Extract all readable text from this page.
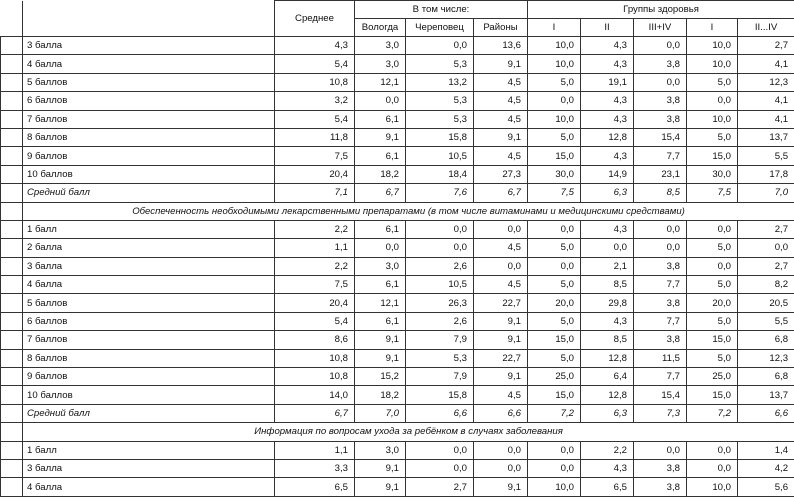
		Среднее	В том числе:			Группы здоровья				
			Вологда	Череповец	Районы	I	II	III+IV	I	II...IV
	3 балла	4,3	3,0	0,0	13,6	10,0	4,3	0,0	10,0	2,7
	4 балла	5,4	3,0	5,3	9,1	10,0	4,3	3,8	10,0	4,1
	5 баллов	10,8	12,1	13,2	4,5	5,0	19,1	0,0	5,0	12,3
	6 баллов	3,2	0,0	5,3	4,5	0,0	4,3	3,8	0,0	4,1
	7 баллов	5,4	6,1	5,3	4,5	10,0	4,3	3,8	10,0	4,1
	8 баллов	11,8	9,1	15,8	9,1	5,0	12,8	15,4	5,0	13,7
	9 баллов	7,5	6,1	10,5	4,5	15,0	4,3	7,7	15,0	5,5
	10 баллов	20,4	18,2	18,4	27,3	30,0	14,9	23,1	30,0	17,8
	Средний балл	7,1	6,7	7,6	6,7	7,5	6,3	8,5	7,5	7,0
	Обеспеченность необходимыми лекарственными препаратами (в том числе витаминами и медицинскими средствами)									
	1 балл	2,2	6,1	0,0	0,0	0,0	4,3	0,0	0,0	2,7
	2 балла	1,1	0,0	0,0	4,5	5,0	0,0	0,0	5,0	0,0
	3 балла	2,2	3,0	2,6	0,0	0,0	2,1	3,8	0,0	2,7
	4 балла	7,5	6,1	10,5	4,5	5,0	8,5	7,7	5,0	8,2
	5 баллов	20,4	12,1	26,3	22,7	20,0	29,8	3,8	20,0	20,5
	6 баллов	5,4	6,1	2,6	9,1	5,0	4,3	7,7	5,0	5,5
	7 баллов	8,6	9,1	7,9	9,1	15,0	8,5	3,8	15,0	6,8
	8 баллов	10,8	9,1	5,3	22,7	5,0	12,8	11,5	5,0	12,3
	9 баллов	10,8	15,2	7,9	9,1	25,0	6,4	7,7	25,0	6,8
	10 баллов	14,0	18,2	15,8	4,5	15,0	12,8	15,4	15,0	13,7
	Средний балл	6,7	7,0	6,6	6,6	7,2	6,3	7,3	7,2	6,6
	Информация по вопросам ухода за ребёнком в случаях заболевания									
	1 балл	1,1	3,0	0,0	0,0	0,0	2,2	0,0	0,0	1,4
	3 балла	3,3	9,1	0,0	0,0	0,0	4,3	3,8	0,0	4,2
	4 балла	6,5	9,1	2,7	9,1	10,0	6,5	3,8	10,0	5,6
